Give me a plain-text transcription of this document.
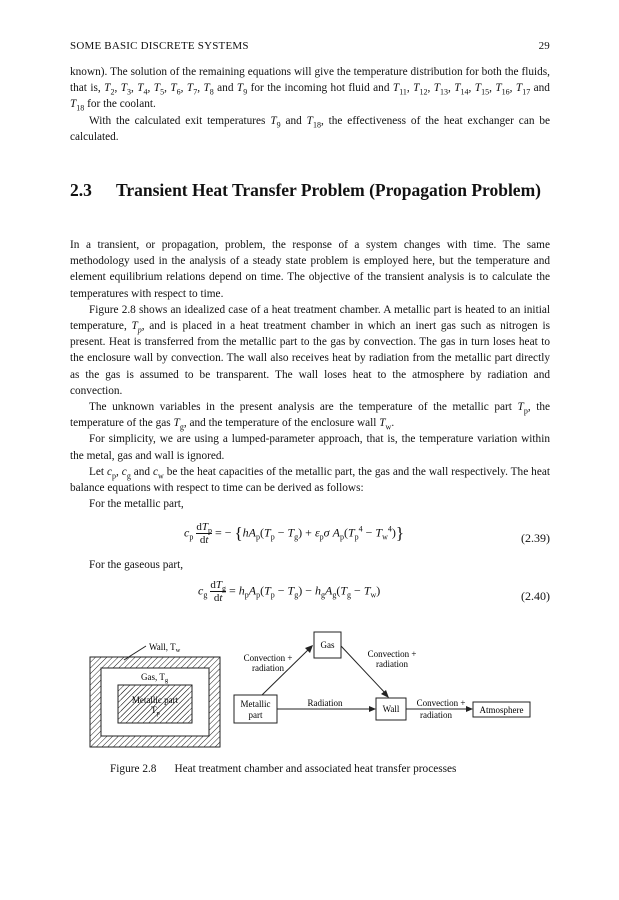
SOME BASIC DISCRETE SYSTEMS	29

known). The solution of the remaining equations will give the temperature distribution for both the fluids, that is, $T_2$, $T_3$, $T_4$, $T_5$, $T_6$, $T_7$, $T_8$ and $T_9$ for the incoming hot fluid and $T_{11}$, $T_{12}$, $T_{13}$, $T_{14}$, $T_{15}$, $T_{16}$, $T_{17}$ and $T_{18}$ for the coolant.

With the calculated exit temperatures $T_9$ and $T_{18}$, the effectiveness of the heat exchanger can be calculated.

2.3 Transient Heat Transfer Problem (Propagation Problem)

In a transient, or propagation, problem, the response of a system changes with time. The same methodology used in the analysis of a steady state problem is employed here, but the temperature and element equilibrium relations depend on time. The objective of the transient analysis is to calculate the temperatures with respect to time.

Figure 2.8 shows an idealized case of a heat treatment chamber. A metallic part is heated to an initial temperature, $T_p$, and is placed in a heat treatment chamber in which an inert gas such as nitrogen is present. Heat is transferred from the metallic part to the gas by convection. The gas in turn loses heat to the enclosure wall by convection. The wall also receives heat by radiation from the metallic part directly as the gas is assumed to be transparent. The wall loses heat to the atmosphere by radiation and convection.

The unknown variables in the present analysis are the temperature of the metallic part $T_p$, the temperature of the gas $T_g$, and the temperature of the enclosure wall $T_w$.

For simplicity, we are using a lumped-parameter approach, that is, the temperature variation within the metal, gas and wall is ignored.

Let $c_p$, $c_g$ and $c_w$ be the heat capacities of the metallic part, the gas and the wall respectively. The heat balance equations with respect to time can be derived as follows:

For the metallic part,

$c_p \frac{dT_p}{dt}$ = − {$hA_p(T_p - T_g) + \varepsilon_p\sigma$ $A_p(T_p^4 - T_w^4)$}	(2.39)
For the gaseous part,
$c_g \frac{dT_g}{dt} = h_pA_p(T_p - T_g) - h_gA_g(T_g - T_w)$	(2.40)
Wall, $T_w$
Gas, $T_g$
Metallic part
$T_p$
Gas
Metallic
part
Wall	Atmosphere
Convection +
radiation
Convection +
radiation
Radiation	Convection +
radiation
Figure 2.8 Heat treatment chamber and associated heat transfer processes
